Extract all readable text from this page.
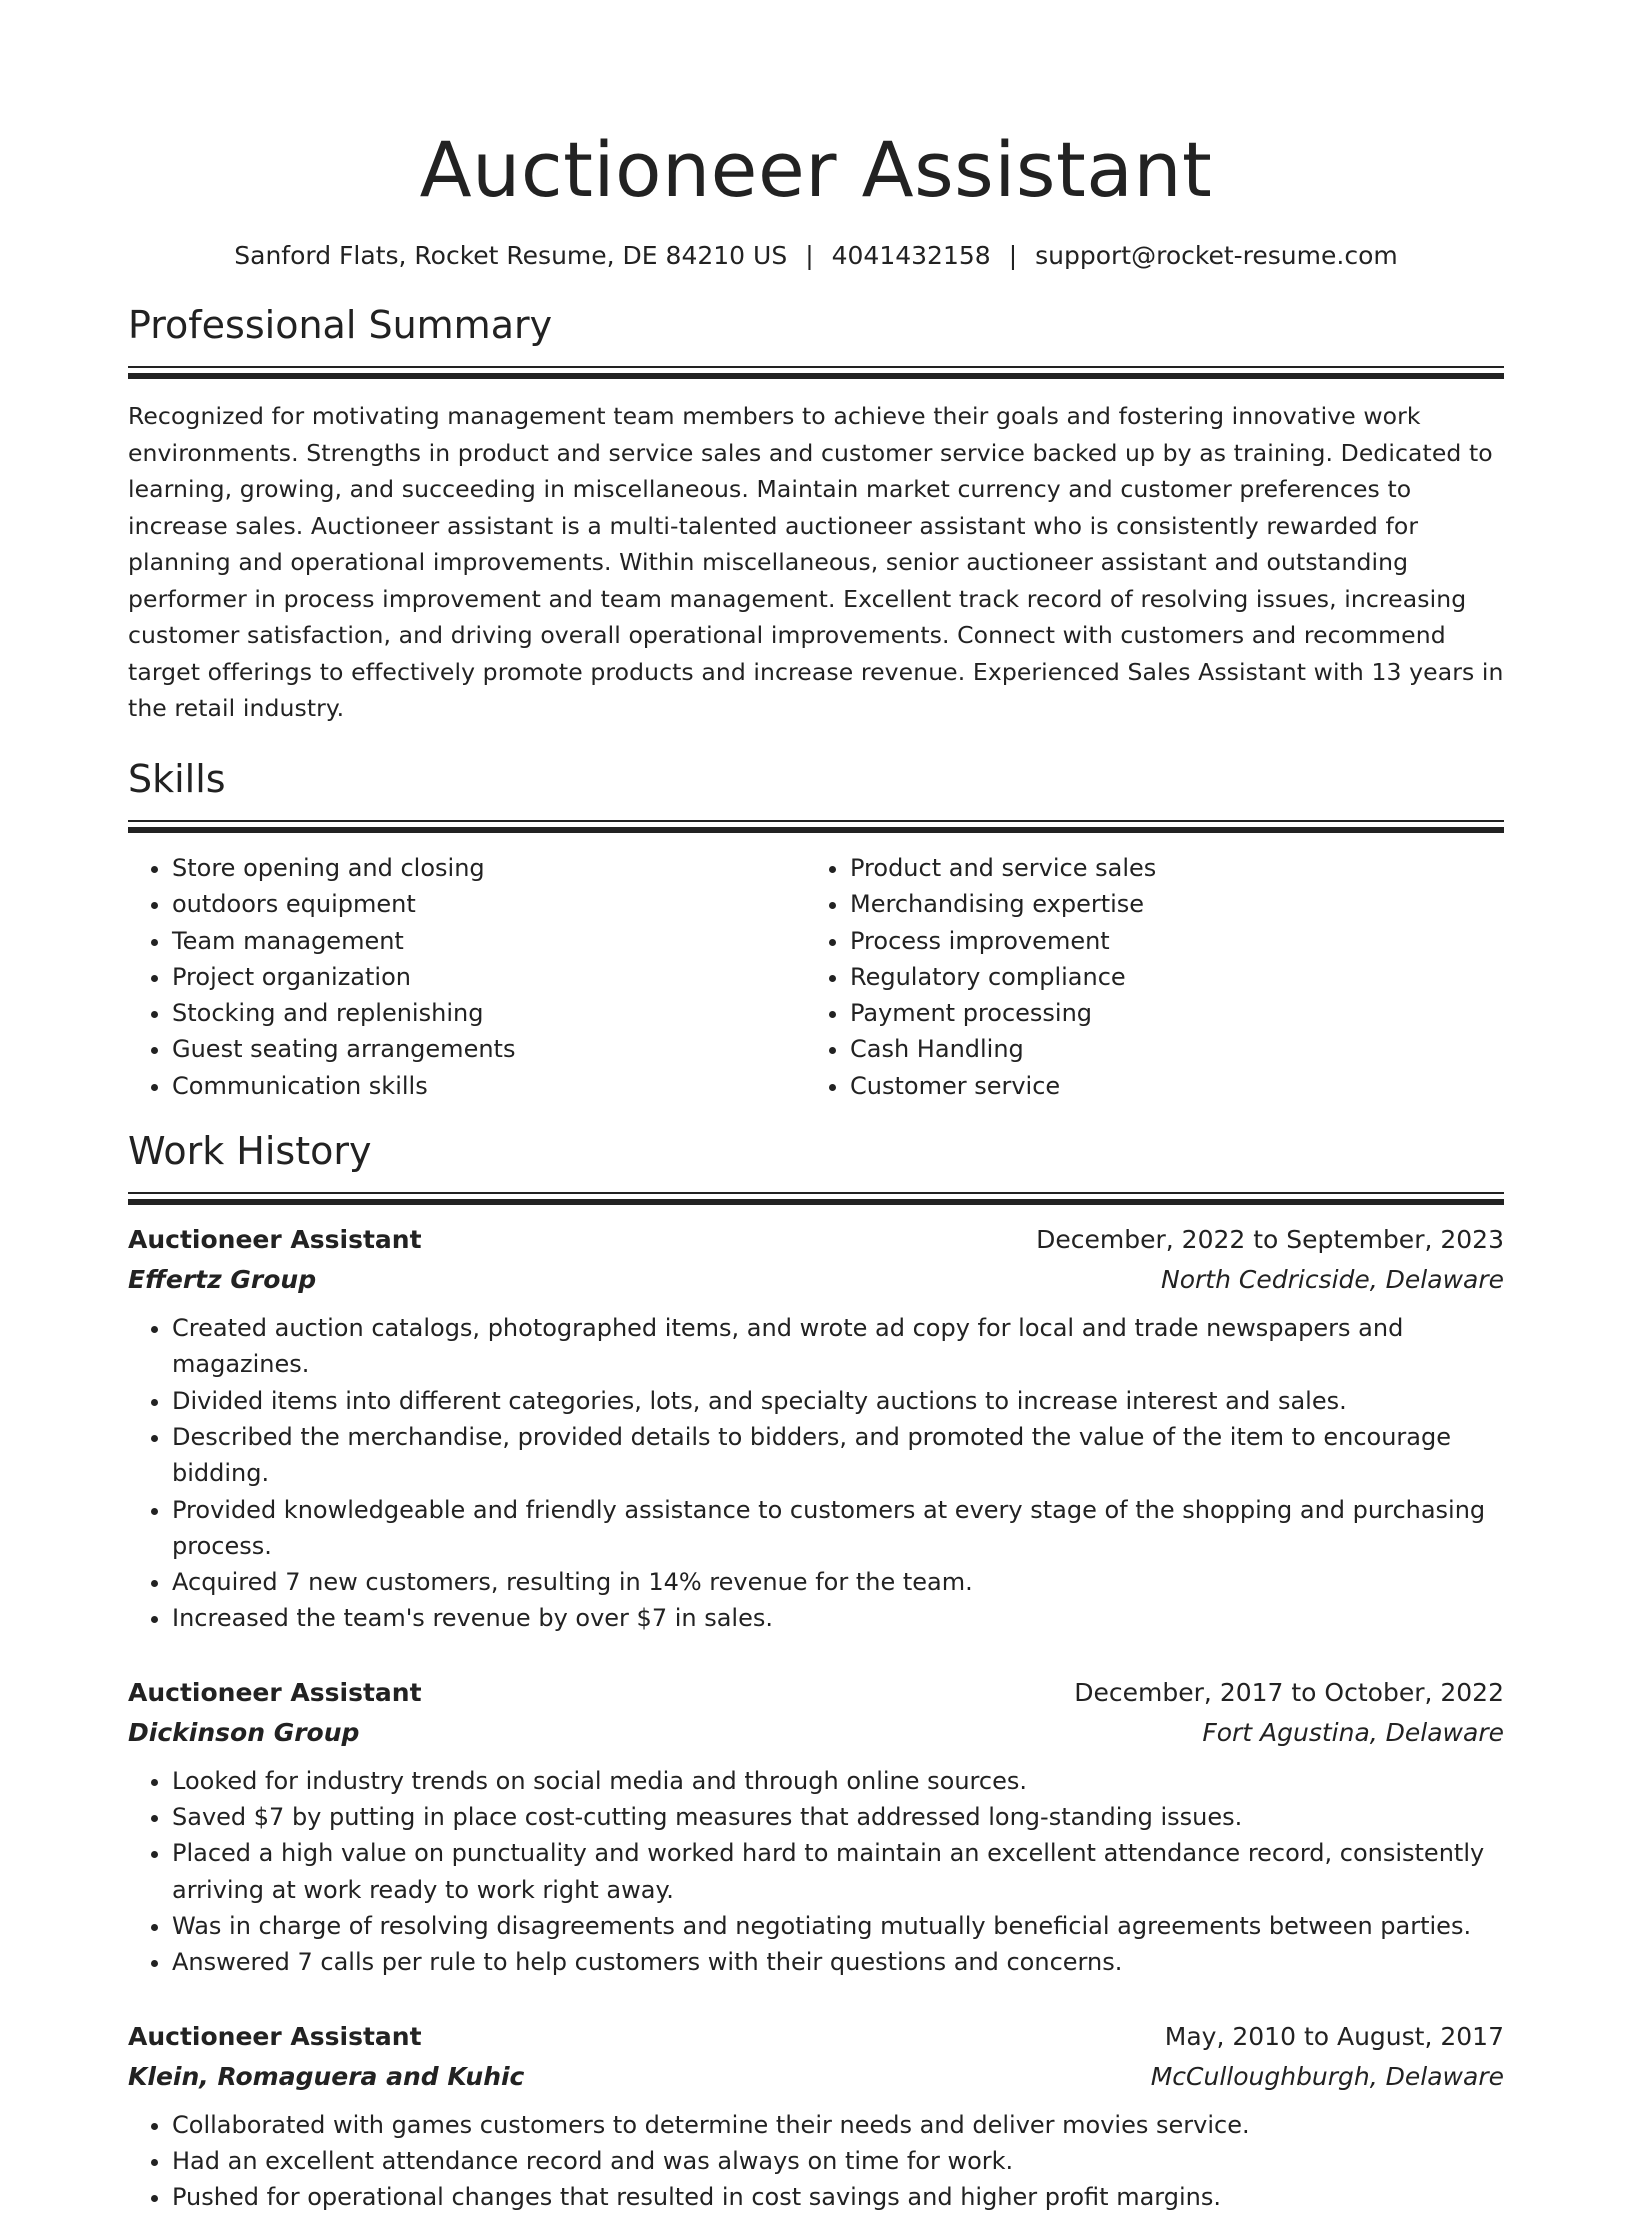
Auctioneer Assistant
Sanford Flats, Rocket Resume, DE 84210 US | 4041432158 | support@rocket-resume.com
Professional Summary

Recognized for motivating management team members to achieve their goals and fostering innovative work environments. Strengths in product and service sales and customer service backed up by as training. Dedicated to learning, growing, and succeeding in miscellaneous. Maintain market currency and customer preferences to increase sales. Auctioneer assistant is a multi-talented auctioneer assistant who is consistently rewarded for planning and operational improvements. Within miscellaneous, senior auctioneer assistant and outstanding performer in process improvement and team management. Excellent track record of resolving issues, increasing customer satisfaction, and driving overall operational improvements. Connect with customers and recommend target offerings to effectively promote products and increase revenue. Experienced Sales Assistant with 13 years in the retail industry.

Skills
• Store opening and closing
• outdoors equipment
• Team management
• Project organization
• Stocking and replenishing
• Guest seating arrangements
• Communication skills
• Product and service sales
• Merchandising expertise
• Process improvement
• Regulatory compliance
• Payment processing
• Cash Handling
• Customer service
Work History
Auctioneer Assistant	December, 2022 to September, 2023
Effertz Group	North Cedricside, Delaware
• Created auction catalogs, photographed items, and wrote ad copy for local and trade newspapers and magazines.
• Divided items into different categories, lots, and specialty auctions to increase interest and sales.
• Described the merchandise, provided details to bidders, and promoted the value of the item to encourage bidding.
• Provided knowledgeable and friendly assistance to customers at every stage of the shopping and purchasing process.
• Acquired 7 new customers, resulting in 14% revenue for the team.
• Increased the team's revenue by over $7 in sales.
Auctioneer Assistant	December, 2017 to October, 2022
Dickinson Group	Fort Agustina, Delaware
• Looked for industry trends on social media and through online sources.
• Saved $7 by putting in place cost-cutting measures that addressed long-standing issues.
• Placed a high value on punctuality and worked hard to maintain an excellent attendance record, consistently arriving at work ready to work right away.
• Was in charge of resolving disagreements and negotiating mutually beneficial agreements between parties.
• Answered 7 calls per rule to help customers with their questions and concerns.
Auctioneer Assistant	May, 2010 to August, 2017
Klein, Romaguera and Kuhic	McCulloughburgh, Delaware
• Collaborated with games customers to determine their needs and deliver movies service.
• Had an excellent attendance record and was always on time for work.
• Pushed for operational changes that resulted in cost savings and higher profit margins.
